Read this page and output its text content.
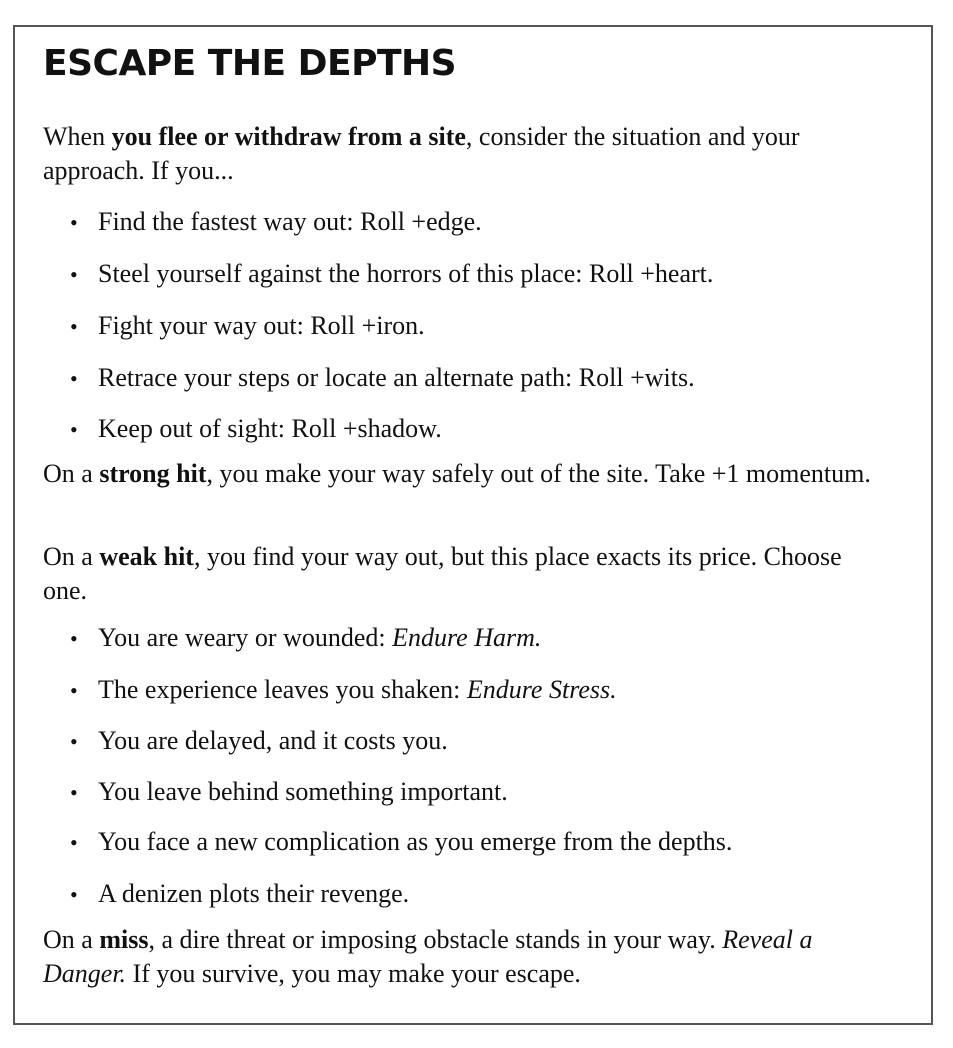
ESCAPE THE DEPTHS

When you flee or withdraw from a site, consider the situation and your approach. If you...

• Find the fastest way out: Roll +edge.

• Steel yourself against the horrors of this place: Roll +heart.

• Fight your way out: Roll +iron.

• Retrace your steps or locate an alternate path: Roll +wits.

• Keep out of sight: Roll +shadow.

On a strong hit, you make your way safely out of the site. Take +1 momentum.

On a weak hit, you find your way out, but this place exacts its price. Choose one.

• You are weary or wounded: Endure Harm.

• The experience leaves you shaken: Endure Stress.

• You are delayed, and it costs you.

• You leave behind something important.

• You face a new complication as you emerge from the depths.

• A denizen plots their revenge.

On a miss, a dire threat or imposing obstacle stands in your way. Reveal a Danger. If you survive, you may make your escape.
